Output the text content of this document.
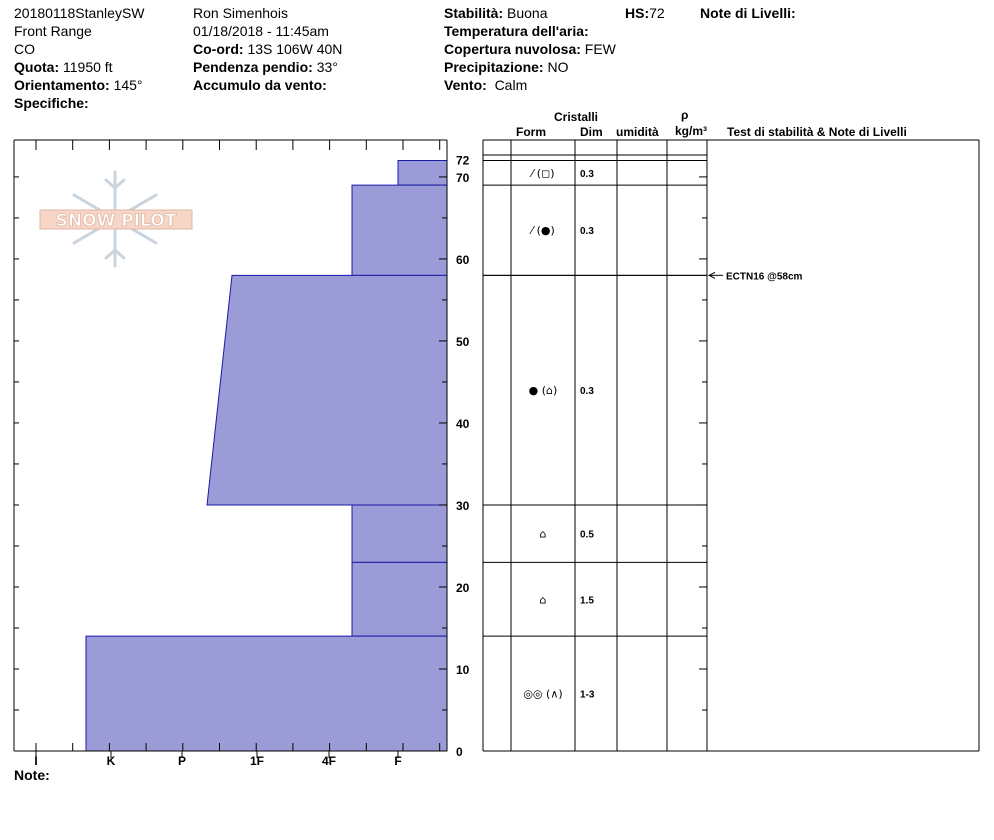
20180118StanleySW
Front Range
CO
Quota: 11950 ft
Orientamento: 145°
Specifiche:
Ron Simenhois
01/18/2018 - 11:45am
Co-ord: 13S 106W 40N
Pendenza pendio: 33°
Accumulo da vento:
Stabilità: Buona	HS:72	Note di Livelli:
Temperatura dell'aria:
Copertura nuvolosa: FEW
Precipitazione: NO
Vento: Calm
Cristalli
Form	Dim umidità
ρ
kg/m³ Test di stabilità & Note di Livelli
Note:
SNOW PILOT
I	K	P	1F	4F	F
0
10
20
30
40
50
60
70
72
⁄ (◻)	0.3
⁄ (●)	0.3
● (⌂) 0.3
⌂	0.5
⌂	1.5
◎◎ (∧) 1-3
ECTN16 @58cm
